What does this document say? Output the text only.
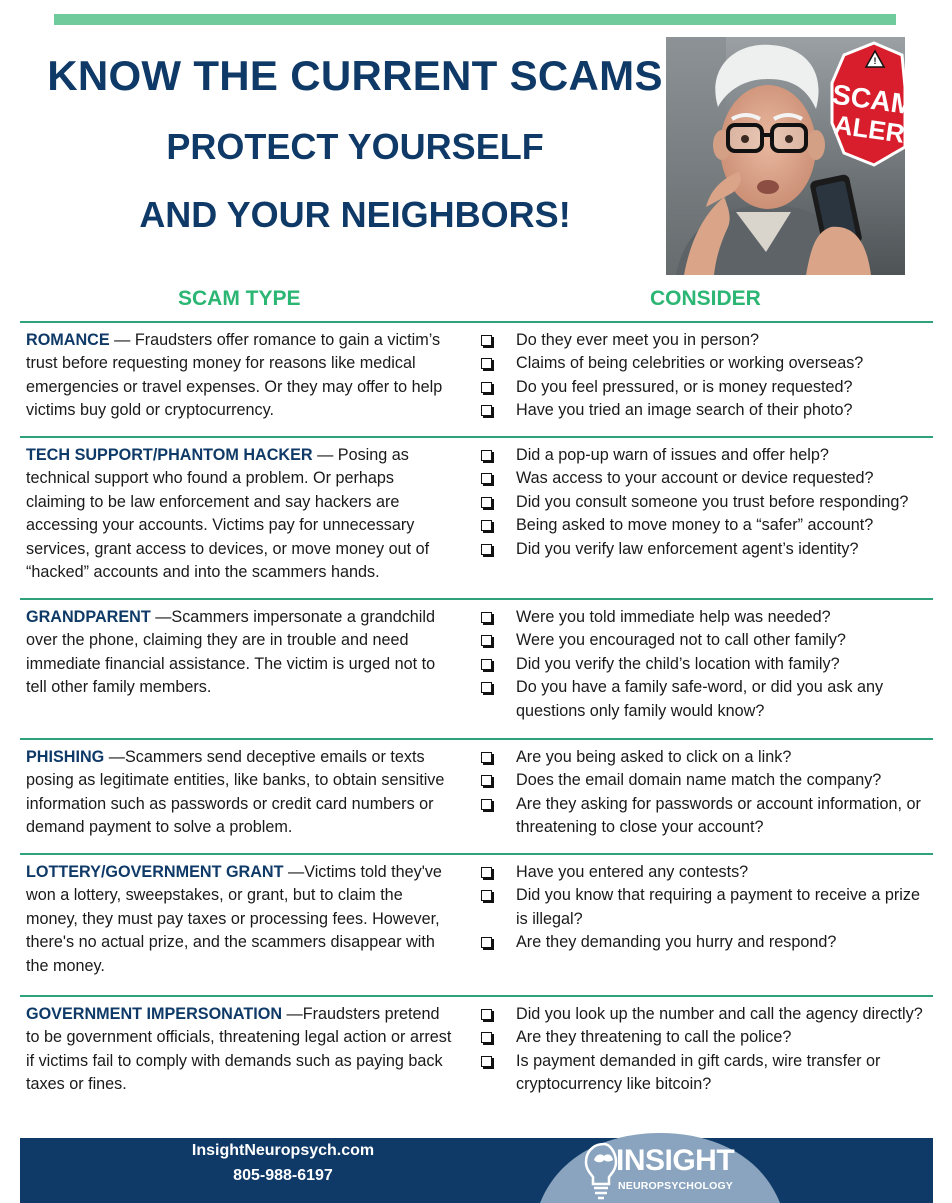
KNOW THE CURRENT SCAMS
PROTECT YOURSELF
AND YOUR NEIGHBORS!
!
SCAM
ALERT
SCAM TYPE	CONSIDER

ROMANCE — Fraudsters offer romance to gain a victim’s trust before requesting money for reasons like medical emergencies or travel expenses. Or they may offer to help victims buy gold or cryptocurrency.

Do they ever meet you in person?
Claims of being celebrities or working overseas?
Do you feel pressured, or is money requested?
Have you tried an image search of their photo?

TECH SUPPORT/PHANTOM HACKER — Posing as technical support who found a problem. Or perhaps claiming to be law enforcement and say hackers are accessing your accounts. Victims pay for unnecessary services, grant access to devices, or move money out of “hacked” accounts and into the scammers hands.

Did a pop-up warn of issues and offer help?
Was access to your account or device requested?
Did you consult someone you trust before responding?
Being asked to move money to a “safer” account?
Did you verify law enforcement agent’s identity?

GRANDPARENT —Scammers impersonate a grandchild over the phone, claiming they are in trouble and need immediate financial assistance. The victim is urged not to tell other family members.

Were you told immediate help was needed?
Were you encouraged not to call other family?
Did you verify the child’s location with family?
Do you have a family safe-word, or did you ask any questions only family would know?

PHISHING —Scammers send deceptive emails or texts posing as legitimate entities, like banks, to obtain sensitive information such as passwords or credit card numbers or demand payment to solve a problem.

Are you being asked to click on a link?
Does the email domain name match the company?
Are they asking for passwords or account information, or threatening to close your account?

LOTTERY/GOVERNMENT GRANT —Victims told they've won a lottery, sweepstakes, or grant, but to claim the money, they must pay taxes or processing fees. However, there's no actual prize, and the scammers disappear with the money.

Have you entered any contests?
Did you know that requiring a payment to receive a prize is illegal?
Are they demanding you hurry and respond?

GOVERNMENT IMPERSONATION —Fraudsters pretend to be government officials, threatening legal action or arrest if victims fail to comply with demands such as paying back taxes or fines.

Did you look up the number and call the agency directly?
Are they threatening to call the police?
Is payment demanded in gift cards, wire transfer or cryptocurrency like bitcoin?

InsightNeuropsych.com

805-988-6197	INSIGHT

NEUROPSYCHOLOGY
